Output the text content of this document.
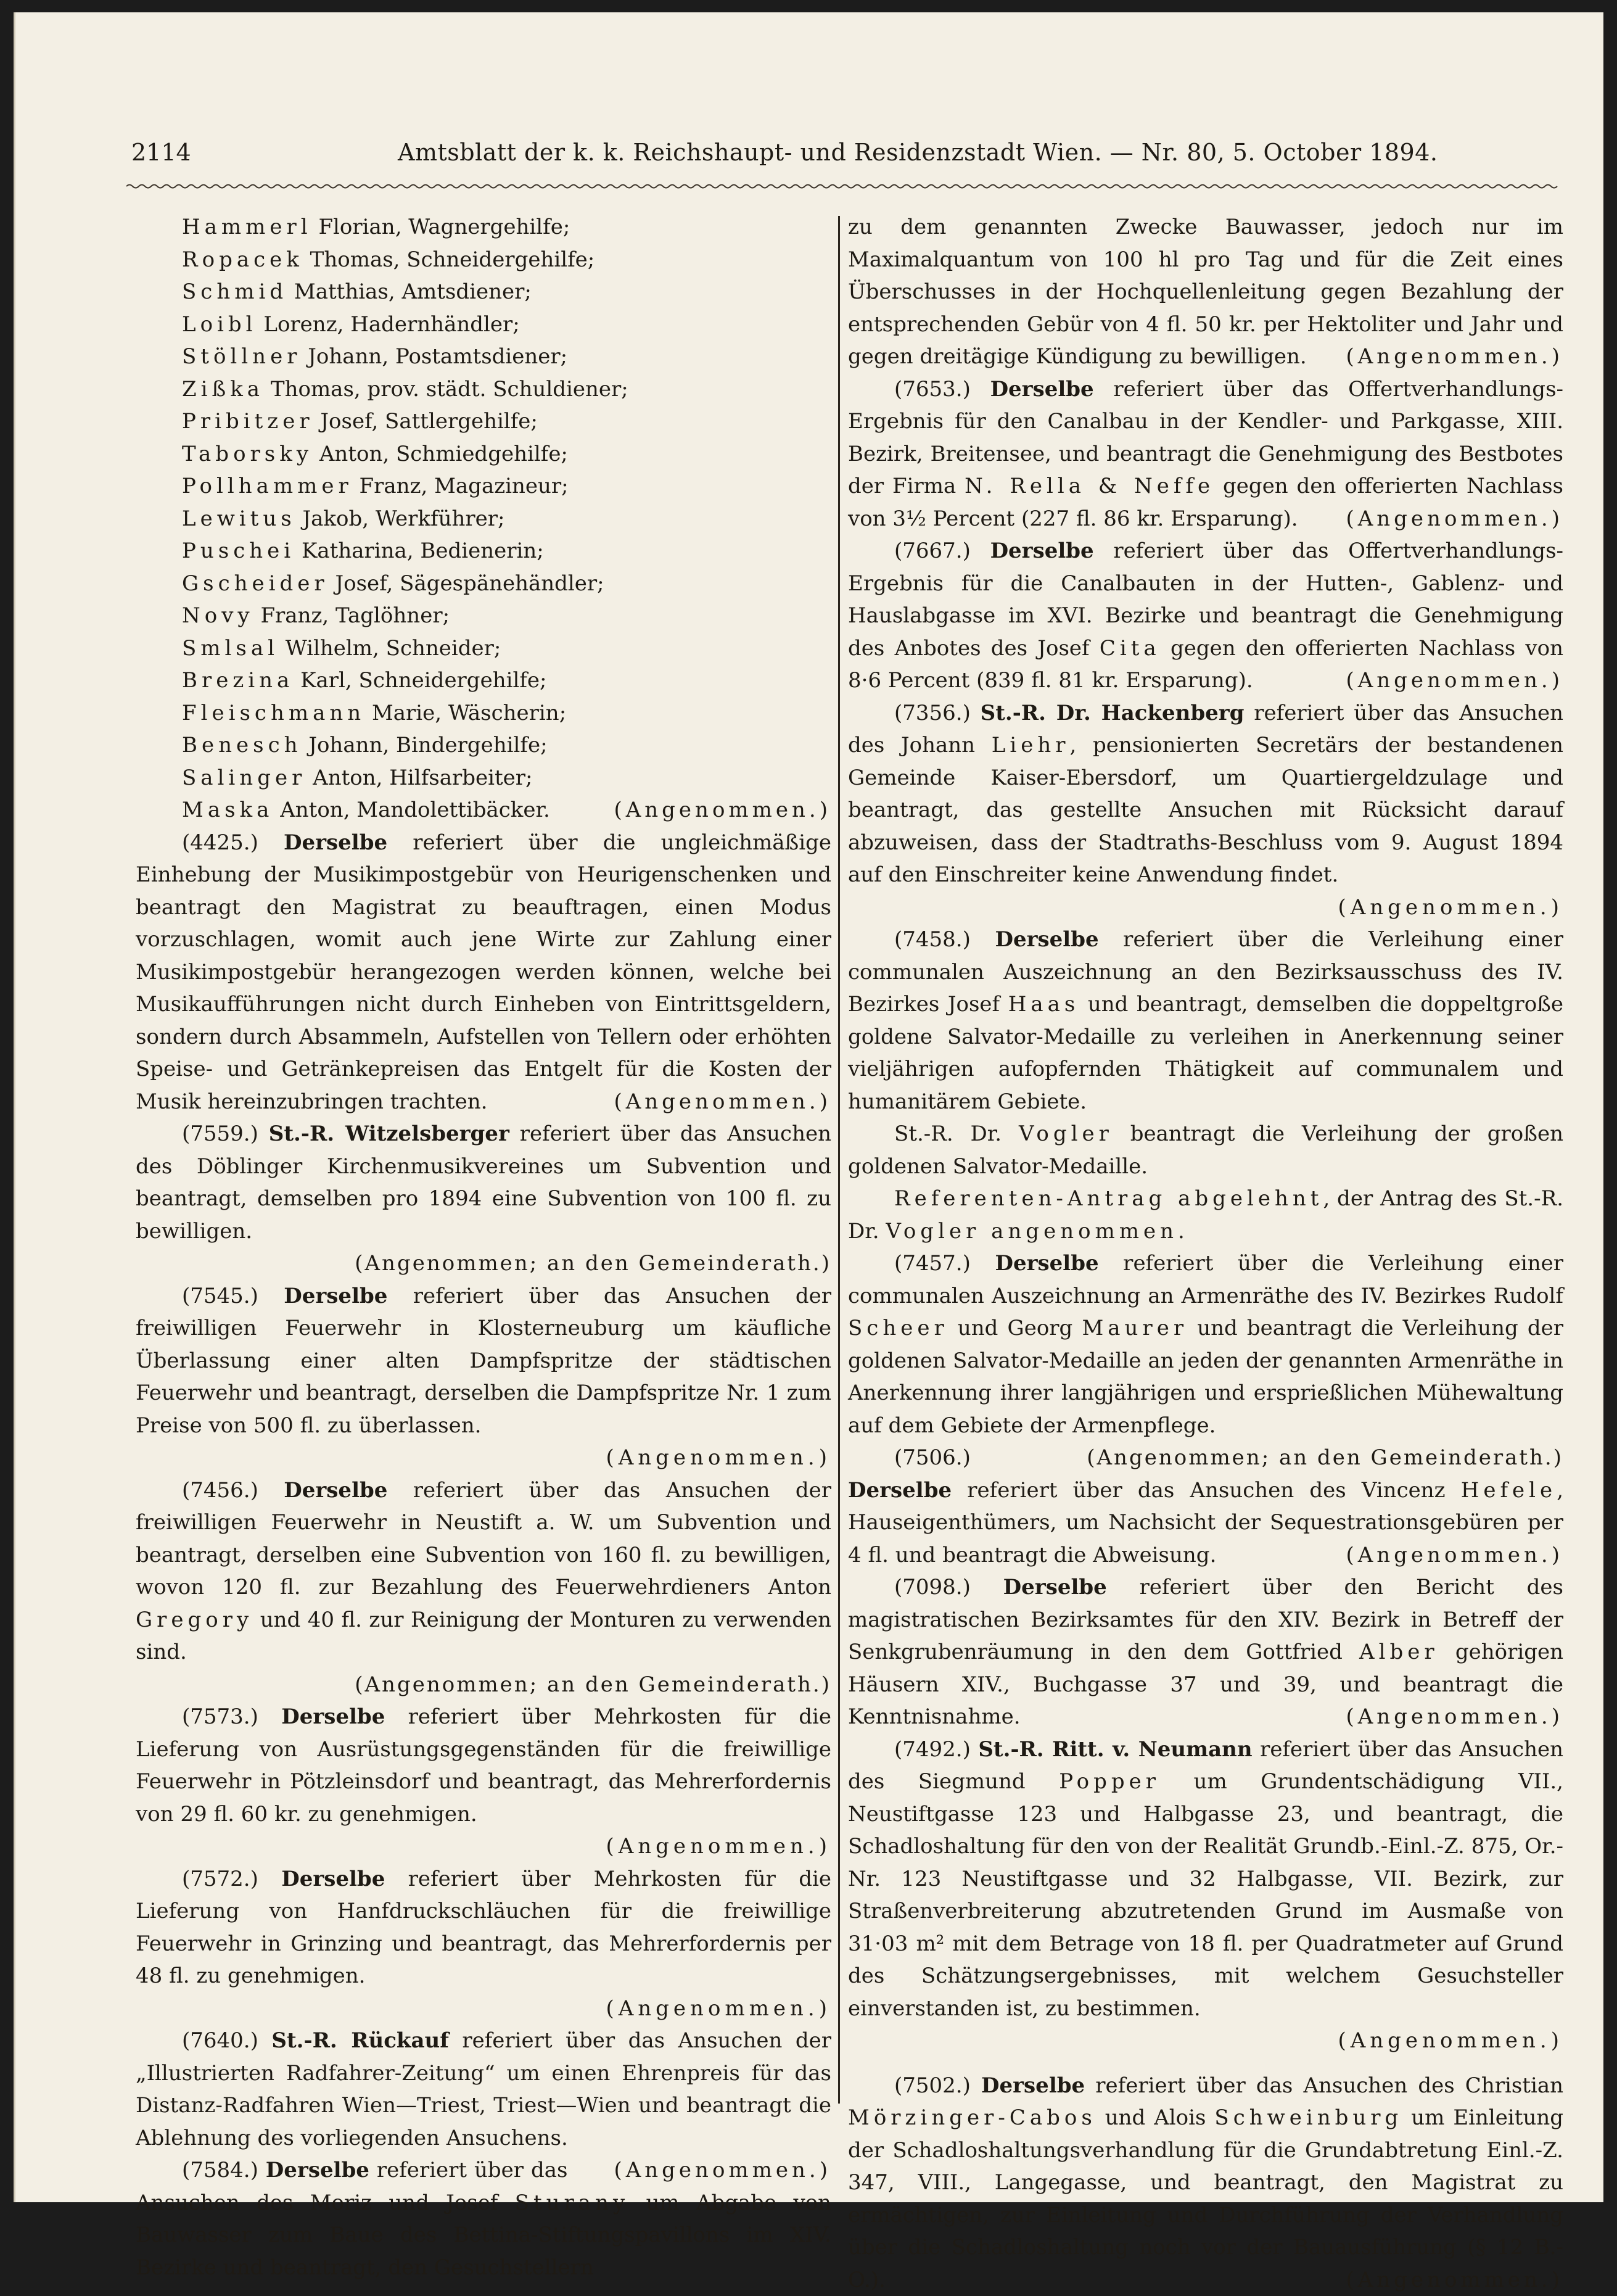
2114	Amtsblatt der k. k. Reichshaupt- und Residenzstadt Wien. — Nr. 80, 5. October 1894.

Hammerl Florian, Wagnergehilfe;

Ropacek Thomas, Schneidergehilfe;

Schmid Matthias, Amtsdiener;

Loibl Lorenz, Hadernhändler;

Stöllner Johann, Postamtsdiener;

Zißka Thomas, prov. städt. Schuldiener;

Pribitzer Josef, Sattlergehilfe;

Taborsky Anton, Schmiedgehilfe;

Pollhammer Franz, Magazineur;

Lewitus Jakob, Werkführer;

Puschei Katharina, Bedienerin;

Gscheider Josef, Sägespänehändler;

Novy Franz, Taglöhner;

Smlsal Wilhelm, Schneider;

Brezina Karl, Schneidergehilfe;

Fleischmann Marie, Wäscherin;

Benesch Johann, Bindergehilfe;

Salinger Anton, Hilfsarbeiter;

Maska Anton, Mandolettibäcker.	(Angenommen.)

(4425.) Derselbe referiert über die ungleichmäßige Einhebung der Musikimpostgebür von Heurigenschenken und beantragt den Magistrat zu beauftragen, einen Modus vorzuschlagen, womit auch jene Wirte zur Zahlung einer Musikimpostgebür herangezogen werden können, welche bei Musikaufführungen nicht durch Einheben von Eintrittsgeldern, sondern durch Absammeln, Aufstellen von Tellern oder erhöhten Speise- und Getränkepreisen das Entgelt für die Kosten der Musik hereinzubringen trachten.	(Angenommen.)

(7559.) St.-R. Witzelsberger referiert über das Ansuchen des Döblinger Kirchenmusikvereines um Subvention und beantragt, demselben pro 1894 eine Subvention von 100 fl. zu bewilligen.

(Angenommen; an den Gemeinderath.)

(7545.) Derselbe referiert über das Ansuchen der freiwilligen Feuerwehr in Klosterneuburg um käufliche Überlassung einer alten Dampfspritze der städtischen Feuerwehr und beantragt, derselben die Dampfspritze Nr. 1 zum Preise von 500 fl. zu überlassen.

(Angenommen.)

(7456.) Derselbe referiert über das Ansuchen der freiwilligen Feuerwehr in Neustift a. W. um Subvention und beantragt, derselben eine Subvention von 160 fl. zu bewilligen, wovon 120 fl. zur Bezahlung des Feuerwehrdieners Anton Gregory und 40 fl. zur Reinigung der Monturen zu verwenden sind.

(Angenommen; an den Gemeinderath.)

(7573.) Derselbe referiert über Mehrkosten für die Lieferung von Ausrüstungsgegenständen für die freiwillige Feuerwehr in Pötzleinsdorf und beantragt, das Mehrerfordernis von 29 fl. 60 kr. zu genehmigen.

(Angenommen.)

(7572.) Derselbe referiert über Mehrkosten für die Lieferung von Hanfdruckschläuchen für die freiwillige Feuerwehr in Grinzing und beantragt, das Mehrerfordernis per 48 fl. zu genehmigen.

(Angenommen.)

(7640.) St.-R. Rückauf referiert über das Ansuchen der „Illustrierten Radfahrer-Zeitung“ um einen Ehrenpreis für das Distanz-Radfahren Wien—Triest, Triest—Wien und beantragt die Ablehnung des vorliegenden Ansuchens.
(Angenommen.)

(7584.) Derselbe referiert über das Ansuchen des Moriz und Josef Sturany um Abgabe von Bauwasser zum Baue des Bettina-Stiftungspavillons im XIV. Bezirke und beantragt, den Gesuchstellern

zu dem genannten Zwecke Bauwasser, jedoch nur im Maximalquantum von 100 hl pro Tag und für die Zeit eines Überschusses in der Hochquellenleitung gegen Bezahlung der entsprechenden Gebür von 4 fl. 50 kr. per Hektoliter und Jahr und gegen dreitägige Kündigung zu bewilligen. (Angenommen.)

(7653.) Derselbe referiert über das Offertverhandlungs-Ergebnis für den Canalbau in der Kendler- und Parkgasse, XIII. Bezirk, Breitensee, und beantragt die Genehmigung des Bestbotes der Firma N. Rella & Neffe gegen den offerierten Nachlass von 3½ Percent (227 fl. 86 kr. Ersparung).	(Angenommen.)

(7667.) Derselbe referiert über das Offertverhandlungs-Ergebnis für die Canalbauten in der Hutten-, Gablenz- und Hauslabgasse im XVI. Bezirke und beantragt die Genehmigung des Anbotes des Josef Cita gegen den offerierten Nachlass von 8·6 Percent (839 fl. 81 kr. Ersparung).	(Angenommen.)

(7356.) St.-R. Dr. Hackenberg referiert über das Ansuchen des Johann Liehr, pensionierten Secretärs der bestandenen Gemeinde Kaiser-Ebersdorf, um Quartiergeldzulage und beantragt, das gestellte Ansuchen mit Rücksicht darauf abzuweisen, dass der Stadtraths-Beschluss vom 9. August 1894 auf den Einschreiter keine Anwendung findet.

(Angenommen.)

(7458.) Derselbe referiert über die Verleihung einer communalen Auszeichnung an den Bezirksausschuss des IV. Bezirkes Josef Haas und beantragt, demselben die doppeltgroße goldene Salvator-Medaille zu verleihen in Anerkennung seiner vieljährigen aufopfernden Thätigkeit auf communalem und humanitärem Gebiete.

St.-R. Dr. Vogler beantragt die Verleihung der großen goldenen Salvator-Medaille.

Referenten-Antrag abgelehnt, der Antrag des St.-R. Dr. Vogler angenommen.

(7457.) Derselbe referiert über die Verleihung einer communalen Auszeichnung an Armenräthe des IV. Bezirkes Rudolf Scheer und Georg Maurer und beantragt die Verleihung der goldenen Salvator-Medaille an jeden der genannten Armenräthe in Anerkennung ihrer langjährigen und ersprießlichen Mühewaltung auf dem Gebiete der Armenpflege.
(Angenommen; an den Gemeinderath.)

(7506.) Derselbe referiert über das Ansuchen des Vincenz Hefele, Hauseigenthümers, um Nachsicht der Sequestrationsgebüren per 4 fl. und beantragt die Abweisung.	(Angenommen.)

(7098.) Derselbe referiert über den Bericht des magistratischen Bezirksamtes für den XIV. Bezirk in Betreff der Senkgrubenräumung in den dem Gottfried Alber gehörigen Häusern XIV., Buchgasse 37 und 39, und beantragt die Kenntnisnahme.	(Angenommen.)

(7492.) St.-R. Ritt. v. Neumann referiert über das Ansuchen des Siegmund Popper um Grundentschädigung VII., Neustiftgasse 123 und Halbgasse 23, und beantragt, die Schadloshaltung für den von der Realität Grundb.-Einl.-Z. 875, Or.-Nr. 123 Neustiftgasse und 32 Halbgasse, VII. Bezirk, zur Straßenverbreiterung abzutretenden Grund im Ausmaße von 31·03 m² mit dem Betrage von 18 fl. per Quadratmeter auf Grund des Schätzungsergebnisses, mit welchem Gesuchsteller einverstanden ist, zu bestimmen.

(Angenommen.)

(7502.) Derselbe referiert über das Ansuchen des Christian Mörzinger-Cabos und Alois Schweinburg um Einleitung der Schadloshaltungsverhandlung für die Grundabtretung Einl.-Z. 347, VIII., Langegasse, und beantragt, den Magistrat zu ermächtigen, zur Einleitung und Durchführung der Verhandlung über die Schadloshaltung noch vor der Bauausführung (§ 12 B.-O.).	(Angenommen.)
